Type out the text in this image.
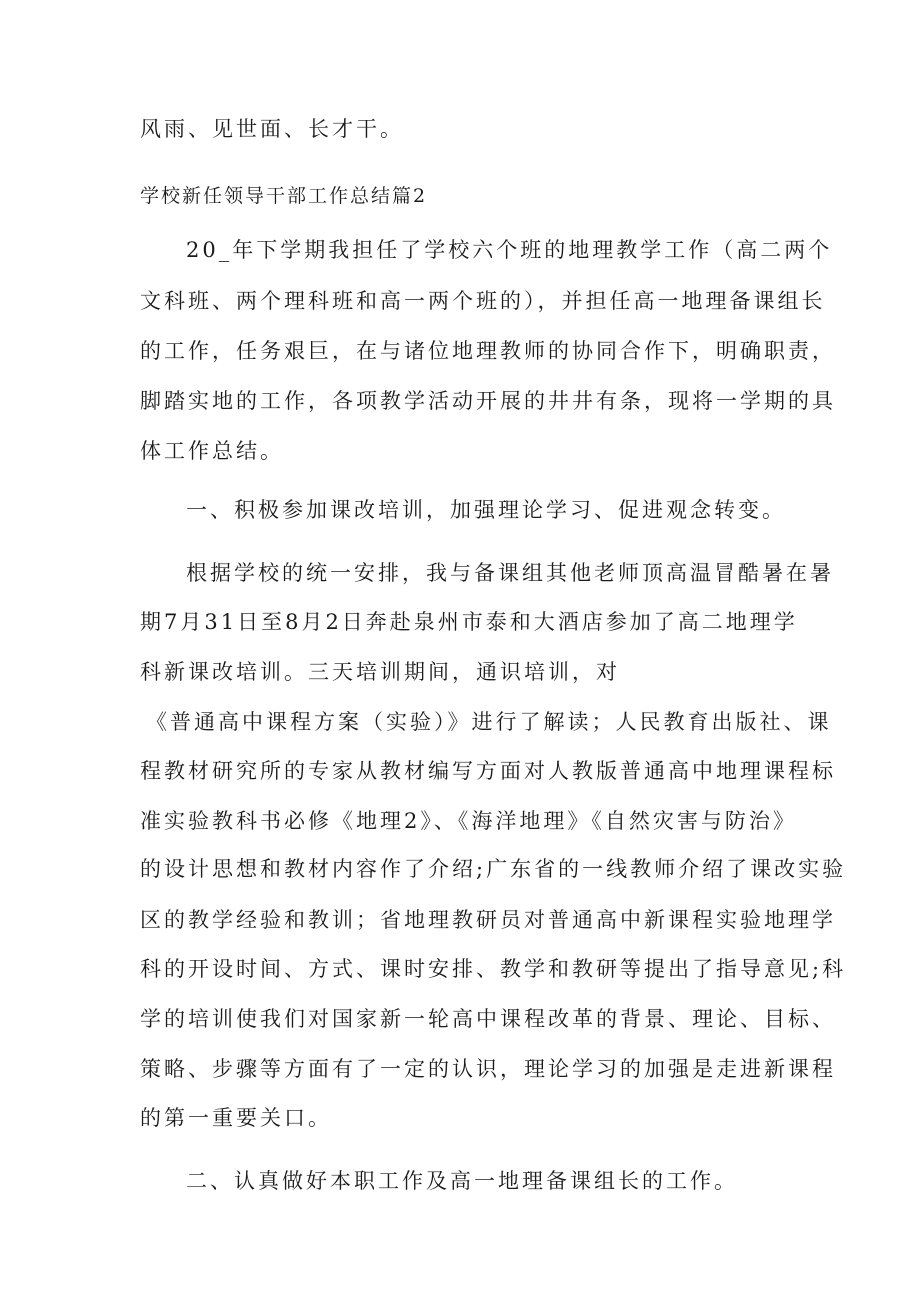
风雨、见世面、长才干。
学校新任领导干部工作总结篇2
20_年下学期我担任了学校六个班的地理教学工作（高二两个
文科班、两个理科班和高一两个班的），并担任高一地理备课组长
的工作，任务艰巨，在与诸位地理教师的协同合作下，明确职责，
脚踏实地的工作，各项教学活动开展的井井有条，现将一学期的具
体工作总结。
一、积极参加课改培训，加强理论学习、促进观念转变。
根据学校的统一安排，我与备课组其他老师顶高温冒酷暑在暑
期7月31日至8月2日奔赴泉州市泰和大酒店参加了高二地理学
科新课改培训。三天培训期间，通识培训，对
《普通高中课程方案（实验）》进行了解读；人民教育出版社、课
程教材研究所的专家从教材编写方面对人教版普通高中地理课程标
准实验教科书必修《地理2》、《海洋地理》《自然灾害与防治》
的设计思想和教材内容作了介绍;广东省的一线教师介绍了课改实验
区的教学经验和教训；省地理教研员对普通高中新课程实验地理学
科的开设时间、方式、课时安排、教学和教研等提出了指导意见;科
学的培训使我们对国家新一轮高中课程改革的背景、理论、目标、
策略、步骤等方面有了一定的认识，理论学习的加强是走进新课程
的第一重要关口。
二、认真做好本职工作及高一地理备课组长的工作。
